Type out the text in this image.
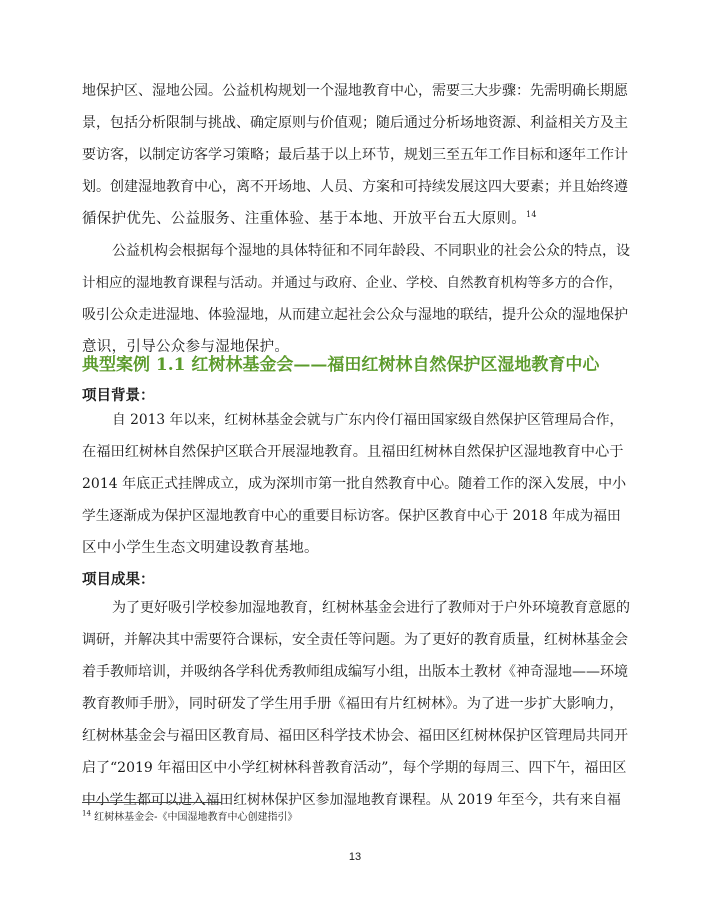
地保护区、湿地公园。公益机构规划一个湿地教育中心，需要三大步骤：先需明确长期愿
景，包括分析限制与挑战、确定原则与价值观；随后通过分析场地资源、利益相关方及主
要访客，以制定访客学习策略；最后基于以上环节，规划三至五年工作目标和逐年工作计
划。创建湿地教育中心，离不开场地、人员、方案和可持续发展这四大要素；并且始终遵
循保护优先、公益服务、注重体验、基于本地、开放平台五大原则。$^{14}$
公益机构会根据每个湿地的具体特征和不同年龄段、不同职业的社会公众的特点，设
计相应的湿地教育课程与活动。并通过与政府、企业、学校、自然教育机构等多方的合作，
吸引公众走进湿地、体验湿地，从而建立起社会公众与湿地的联结，提升公众的湿地保护
意识，引导公众参与湿地保护。

典型案例 1.1 红树林基金会——福田红树林自然保护区湿地教育中心

项目背景：

自 2013 年以来，红树林基金会就与广东内伶仃福田国家级自然保护区管理局合作，
在福田红树林自然保护区联合开展湿地教育。且福田红树林自然保护区湿地教育中心于
2014 年底正式挂牌成立，成为深圳市第一批自然教育中心。随着工作的深入发展，中小
学生逐渐成为保护区湿地教育中心的重要目标访客。保护区教育中心于 2018 年成为福田
区中小学生生态文明建设教育基地。

项目成果：

为了更好吸引学校参加湿地教育，红树林基金会进行了教师对于户外环境教育意愿的
调研，并解决其中需要符合课标，安全责任等问题。为了更好的教育质量，红树林基金会
着手教师培训，并吸纳各学科优秀教师组成编写小组，出版本土教材《神奇湿地——环境
教育教师手册》，同时研发了学生用手册《福田有片红树林》。为了进一步扩大影响力，
红树林基金会与福田区教育局、福田区科学技术协会、福田区红树林保护区管理局共同开
启了“2019 年福田区中小学红树林科普教育活动”，每个学期的每周三、四下午，福田区
中小学生都可以进入福田红树林保护区参加湿地教育课程。从 2019 年至今，共有来自福

$^{14}$ 红树林基金会-《中国湿地教育中心创建指引》

13
